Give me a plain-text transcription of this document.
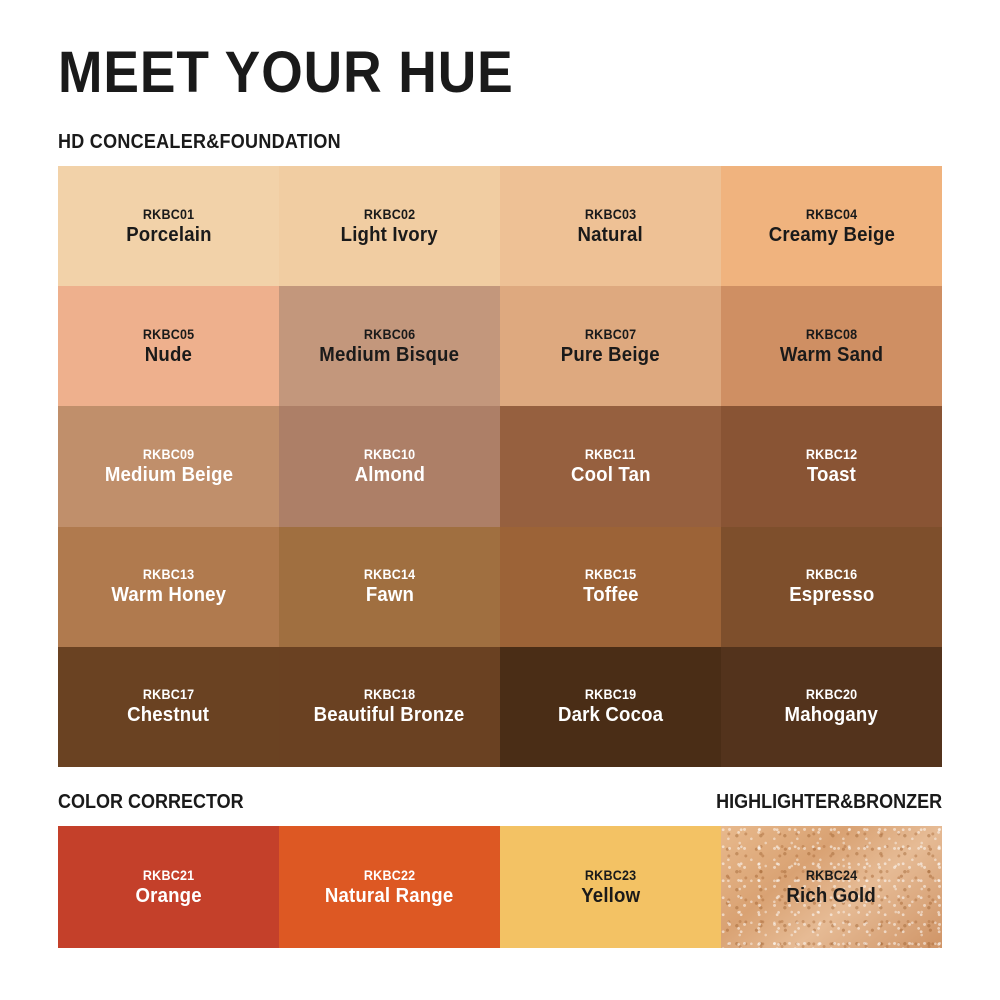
MEET YOUR HUE
HD CONCEALER&FOUNDATION
RKBC01
Porcelain
RKBC02
Light Ivory
RKBC03
Natural
RKBC04
Creamy Beige
RKBC05
Nude
RKBC06
Medium Bisque
RKBC07
Pure Beige
RKBC08
Warm Sand
RKBC09
Medium Beige
RKBC10
Almond
RKBC11
Cool Tan
RKBC12
Toast
RKBC13
Warm Honey
RKBC14
Fawn
RKBC15
Toffee
RKBC16
Espresso
RKBC17
Chestnut
RKBC18
Beautiful Bronze
RKBC19
Dark Cocoa
RKBC20
Mahogany
COLOR CORRECTOR	HIGHLIGHTER&BRONZER
RKBC21
Orange
RKBC22
Natural Range
RKBC23
Yellow
RKBC24
Rich Gold
